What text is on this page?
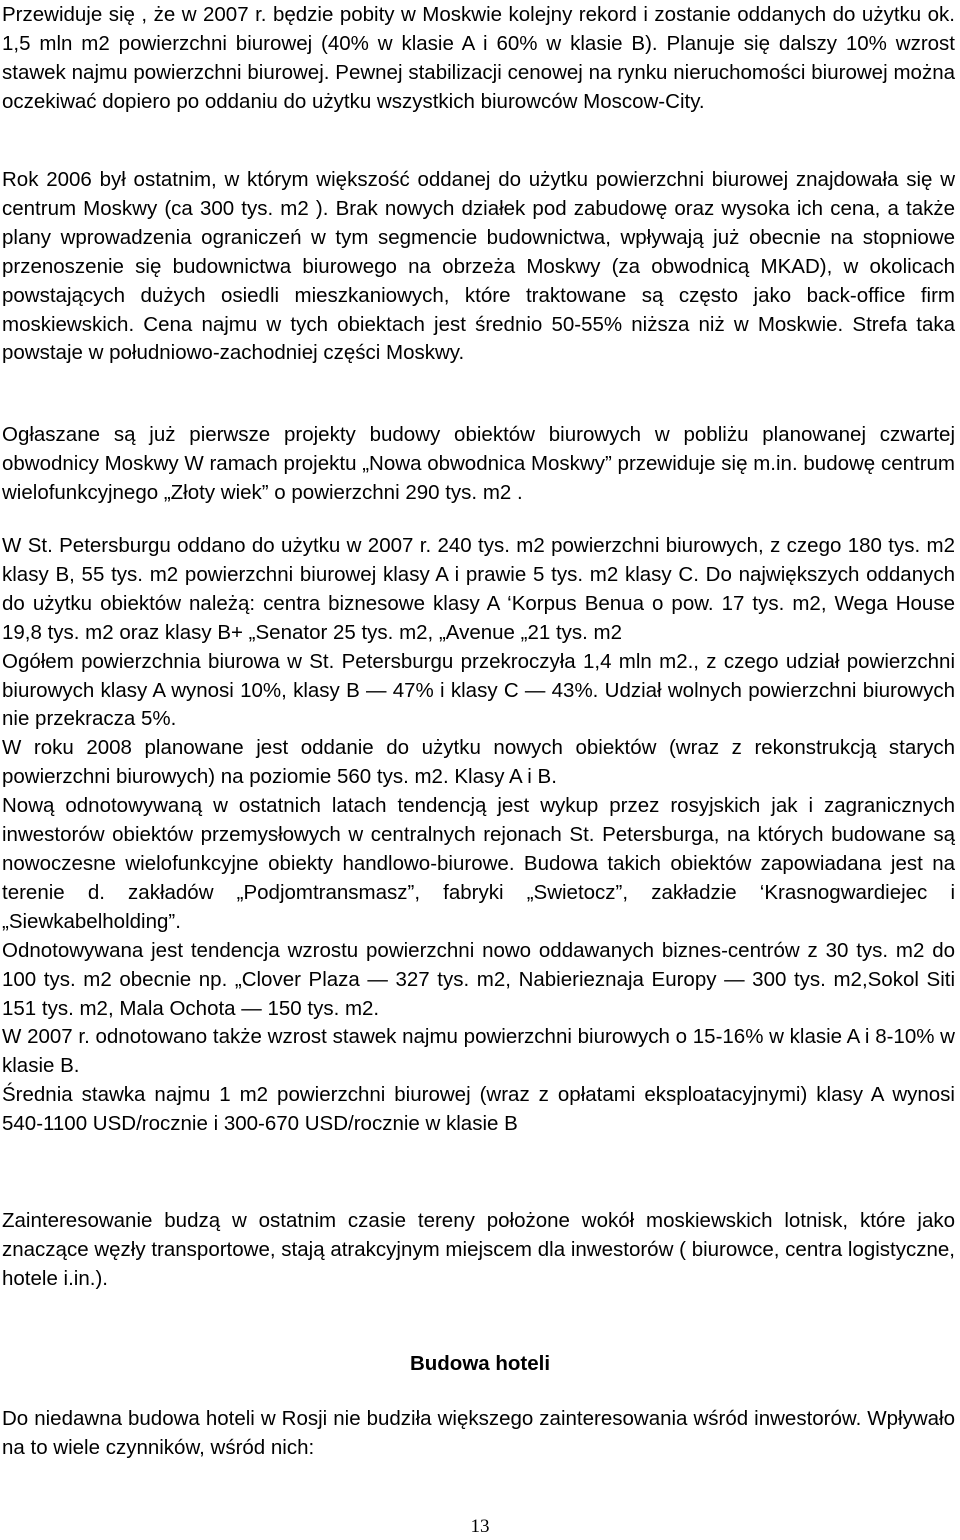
Przewiduje się , że w 2007 r. będzie pobity w Moskwie kolejny rekord i zostanie oddanych do użytku ok. 1,5 mln m2 powierzchni biurowej (40% w klasie A i 60% w klasie B). Planuje się dalszy 10% wzrost stawek najmu powierzchni biurowej. Pewnej stabilizacji cenowej na rynku nieruchomości biurowej można oczekiwać dopiero po oddaniu do użytku wszystkich biurowców Moscow-City.

Rok 2006 był ostatnim, w którym większość oddanej do użytku powierzchni biurowej znajdowała się w centrum Moskwy (ca 300 tys. m2 ). Brak nowych działek pod zabudowę oraz wysoka ich cena, a także plany wprowadzenia ograniczeń w tym segmencie budownictwa, wpływają już obecnie na stopniowe przenoszenie się budownictwa biurowego na obrzeża Moskwy (za obwodnicą MKAD), w okolicach powstających dużych osiedli mieszkaniowych, które traktowane są często jako back-office firm moskiewskich. Cena najmu w tych obiektach jest średnio 50-55% niższa niż w Moskwie. Strefa taka powstaje w południowo-zachodniej części Moskwy.

Ogłaszane są już pierwsze projekty budowy obiektów biurowych w pobliżu planowanej czwartej obwodnicy Moskwy W ramach projektu „Nowa obwodnica Moskwy” przewiduje się m.in. budowę centrum wielofunkcyjnego „Złoty wiek” o powierzchni 290 tys. m2 .

W St. Petersburgu oddano do użytku w 2007 r. 240 tys. m2 powierzchni biurowych, z czego 180 tys. m2 klasy B, 55 tys. m2 powierzchni biurowej klasy A i prawie 5 tys. m2 klasy C. Do największych oddanych do użytku obiektów należą: centra biznesowe klasy A ‘Korpus Benua o pow. 17 tys. m2, Wega House 19,8 tys. m2 oraz klasy B+ „Senator 25 tys. m2, „Avenue „21 tys. m2

Ogółem powierzchnia biurowa w St. Petersburgu przekroczyła 1,4 mln m2., z czego udział powierzchni biurowych klasy A wynosi 10%, klasy B — 47% i klasy C — 43%. Udział wolnych powierzchni biurowych nie przekracza 5%.

W roku 2008 planowane jest oddanie do użytku nowych obiektów (wraz z rekonstrukcją starych powierzchni biurowych) na poziomie 560 tys. m2. Klasy A i B.

Nową odnotowywaną w ostatnich latach tendencją jest wykup przez rosyjskich jak i zagranicznych inwestorów obiektów przemysłowych w centralnych rejonach St. Petersburga, na których budowane są nowoczesne wielofunkcyjne obiekty handlowo-biurowe. Budowa takich obiektów zapowiadana jest na terenie d. zakładów „Podjomtransmasz”, fabryki „Swietocz”, zakładzie ‘Krasnogwardiejec i „Siewkabelholding”.

Odnotowywana jest tendencja wzrostu powierzchni nowo oddawanych biznes-centrów z 30 tys. m2 do 100 tys. m2 obecnie np. „Clover Plaza — 327 tys. m2, Nabierieznaja Europy — 300 tys. m2,Sokol Siti 151 tys. m2, Mala Ochota — 150 tys. m2.

W 2007 r. odnotowano także wzrost stawek najmu powierzchni biurowych o 15-16% w klasie A i 8-10% w klasie B.

Średnia stawka najmu 1 m2 powierzchni biurowej (wraz z opłatami eksploatacyjnymi) klasy A wynosi 540-1100 USD/rocznie i 300-670 USD/rocznie w klasie B

Zainteresowanie budzą w ostatnim czasie tereny położone wokół moskiewskich lotnisk, które jako znaczące węzły transportowe, stają atrakcyjnym miejscem dla inwestorów ( biurowce, centra logistyczne, hotele i.in.).

Budowa hoteli

Do niedawna budowa hoteli w Rosji nie budziła większego zainteresowania wśród inwestorów. Wpływało na to wiele czynników, wśród nich:

13
